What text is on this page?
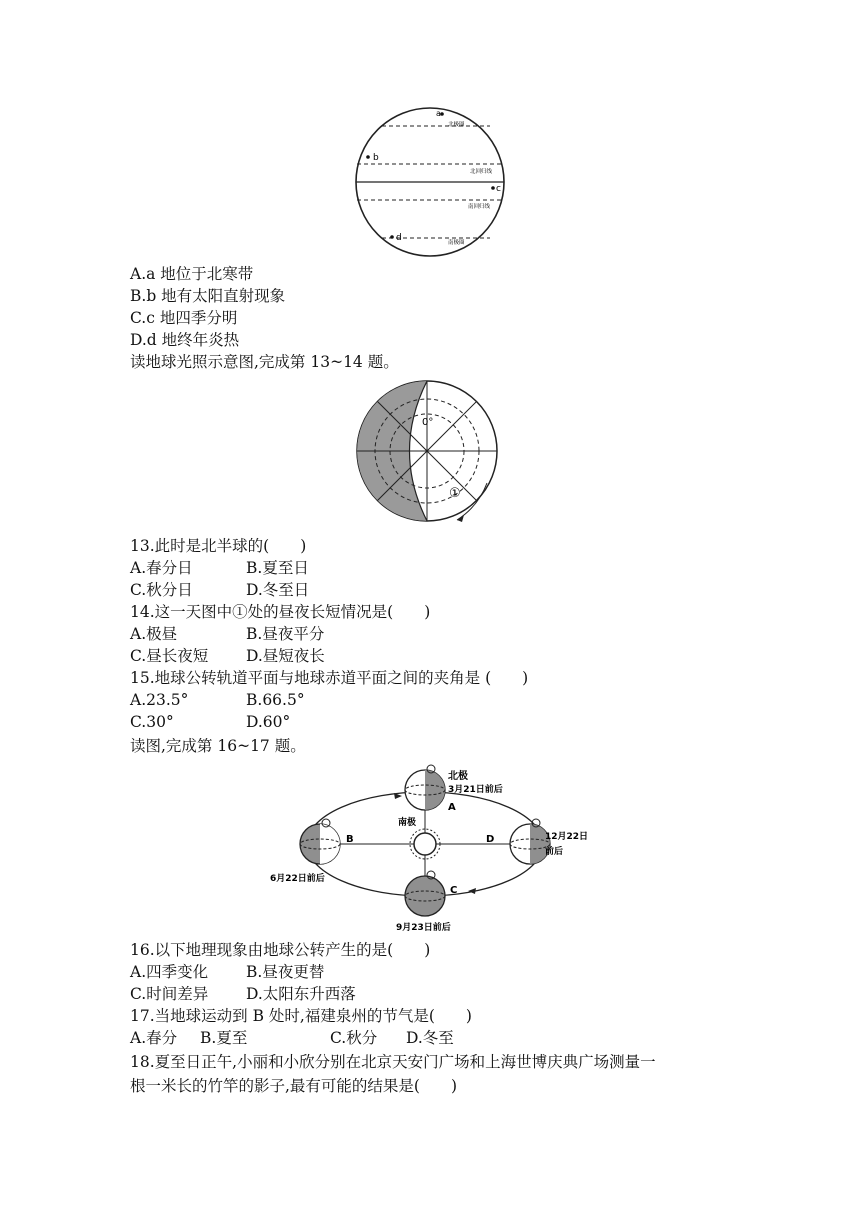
a
b
c
d
北极圈
北回归线
南回归线
南极圈
A.a 地位于北寒带
B.b 地有太阳直射现象
C.c 地四季分明
D.d 地终年炎热
读地球光照示意图,完成第 13~14 题。
0°
①
13.此时是北半球的(　　)
A.春分日	B.夏至日
C.秋分日	D.冬至日
14.这一天图中①处的昼夜长短情况是(　　)
A.极昼	B.昼夜平分
C.昼长夜短 D.昼短夜长
15.地球公转轨道平面与地球赤道平面之间的夹角是 (　　)
A.23.5°	B.66.5°
C.30°	D.60°
读图,完成第 16~17 题。
北极
3月21日前后
A
南极
B	D
C
12月22日
前后
6月22日前后
9月23日前后
16.以下地理现象由地球公转产生的是(　　)
A.四季变化 B.昼夜更替
C.时间差异 D.太阳东升西落
17.当地球运动到 B 处时,福建泉州的节气是(　　)
A.春分 B.夏至	C.秋分 D.冬至
18.夏至日正午,小丽和小欣分别在北京天安门广场和上海世博庆典广场测量一
根一米长的竹竿的影子,最有可能的结果是(　　)
